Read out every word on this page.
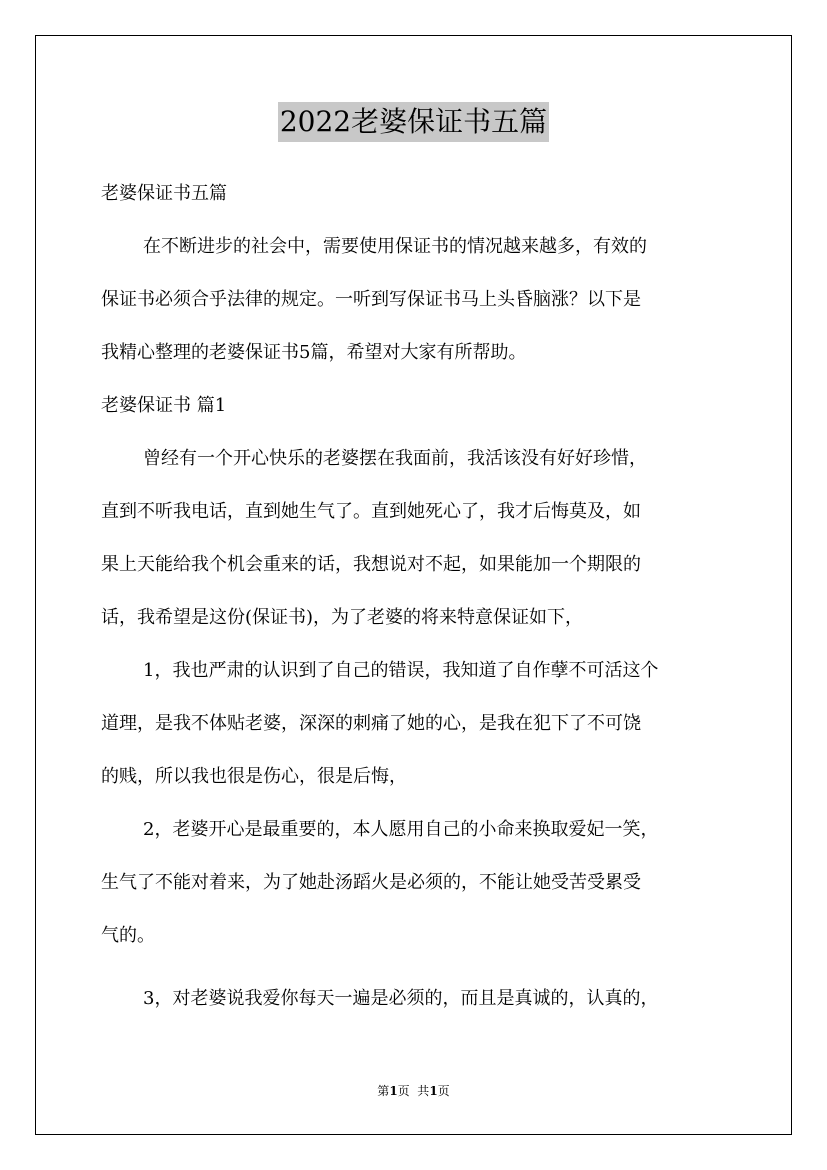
2022老婆保证书五篇
老婆保证书五篇
在不断进步的社会中，需要使用保证书的情况越来越多，有效的
保证书必须合乎法律的规定。一听到写保证书马上头昏脑涨？以下是
我精心整理的老婆保证书5篇，希望对大家有所帮助。
老婆保证书 篇1
曾经有一个开心快乐的老婆摆在我面前，我活该没有好好珍惜，
直到不听我电话，直到她生气了。直到她死心了，我才后悔莫及，如
果上天能给我个机会重来的话，我想说对不起，如果能加一个期限的
话，我希望是这份(保证书)，为了老婆的将来特意保证如下，
1，我也严肃的认识到了自己的错误，我知道了自作孽不可活这个
道理，是我不体贴老婆，深深的刺痛了她的心，是我在犯下了不可饶
的贱，所以我也很是伤心，很是后悔，
2，老婆开心是最重要的，本人愿用自己的小命来换取爱妃一笑，
生气了不能对着来，为了她赴汤蹈火是必须的，不能让她受苦受累受
气的。
3，对老婆说我爱你每天一遍是必须的，而且是真诚的，认真的，
第1页  共1页
